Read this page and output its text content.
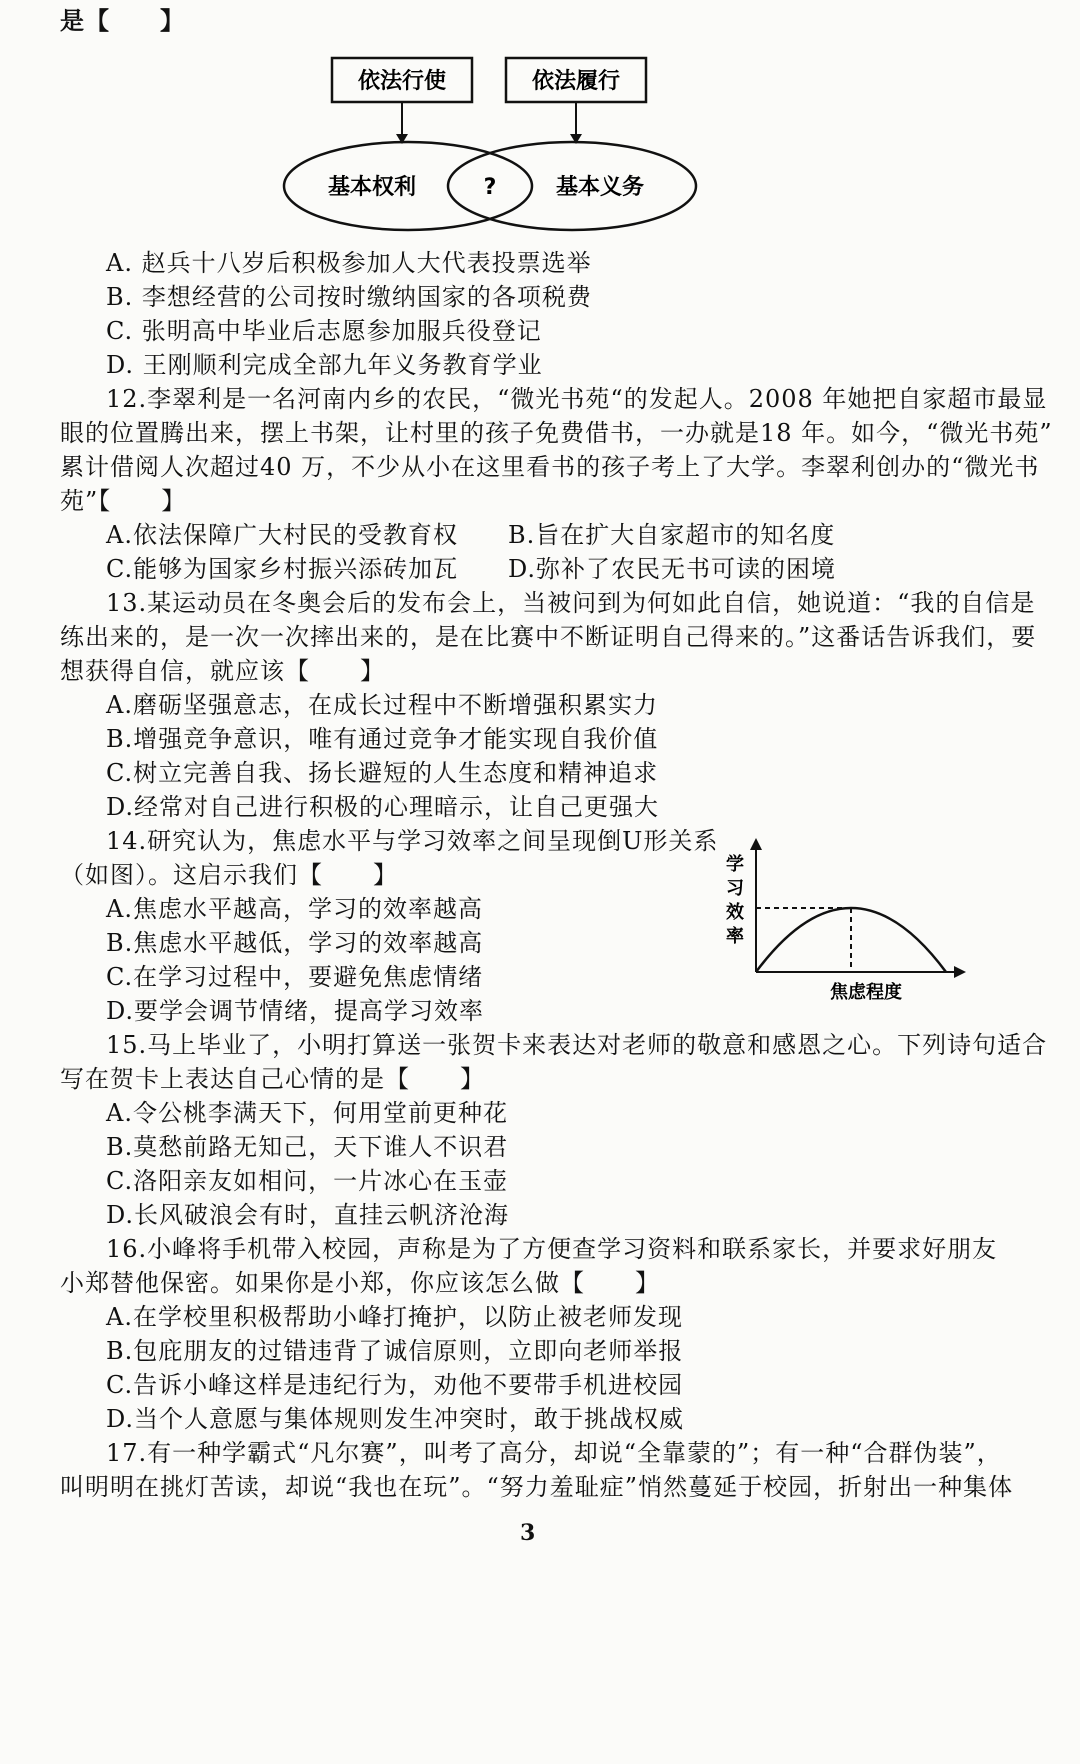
是【　　】
依法行使	依法履行
基本权利	?	基本义务
A. 赵兵十八岁后积极参加人大代表投票选举
B. 李想经营的公司按时缴纳国家的各项税费
C. 张明高中毕业后志愿参加服兵役登记
D. 王刚顺利完成全部九年义务教育学业
12.李翠利是一名河南内乡的农民，“微光书苑“的发起人。2008 年她把自家超市最显
眼的位置腾出来，摆上书架，让村里的孩子免费借书，一办就是18 年。如今，“微光书苑”
累计借阅人次超过40 万，不少从小在这里看书的孩子考上了大学。李翠利创办的“微光书
苑”【　　】
A.依法保障广大村民的受教育权 B.旨在扩大自家超市的知名度
C.能够为国家乡村振兴添砖加瓦 D.弥补了农民无书可读的困境
13.某运动员在冬奥会后的发布会上，当被问到为何如此自信，她说道：“我的自信是
练出来的，是一次一次摔出来的，是在比赛中不断证明自己得来的。”这番话告诉我们，要
想获得自信，就应该【　　】
A.磨砺坚强意志，在成长过程中不断增强积累实力
B.增强竞争意识，唯有通过竞争才能实现自我价值
C.树立完善自我、扬长避短的人生态度和精神追求
D.经常对自己进行积极的心理暗示，让自己更强大
14.研究认为，焦虑水平与学习效率之间呈现倒U形关系
（如图）。这启示我们【　　】
A.焦虑水平越高，学习的效率越高
B.焦虑水平越低，学习的效率越高
C.在学习过程中，要避免焦虑情绪
D.要学会调节情绪，提高学习效率
学
习
效
率
焦虑程度
15.马上毕业了，小明打算送一张贺卡来表达对老师的敬意和感恩之心。下列诗句适合
写在贺卡上表达自己心情的是【　　】
A.令公桃李满天下，何用堂前更种花
B.莫愁前路无知己，天下谁人不识君
C.洛阳亲友如相问，一片冰心在玉壶
D.长风破浪会有时，直挂云帆济沧海
16.小峰将手机带入校园，声称是为了方便查学习资料和联系家长，并要求好朋友
小郑替他保密。如果你是小郑，你应该怎么做【　　】
A.在学校里积极帮助小峰打掩护，以防止被老师发现
B.包庇朋友的过错违背了诚信原则，立即向老师举报
C.告诉小峰这样是违纪行为，劝他不要带手机进校园
D.当个人意愿与集体规则发生冲突时，敢于挑战权威
17.有一种学霸式“凡尔赛”，叫考了高分，却说“全靠蒙的”；有一种“合群伪装”，
叫明明在挑灯苦读，却说“我也在玩”。“努力羞耻症”悄然蔓延于校园，折射出一种集体
3
